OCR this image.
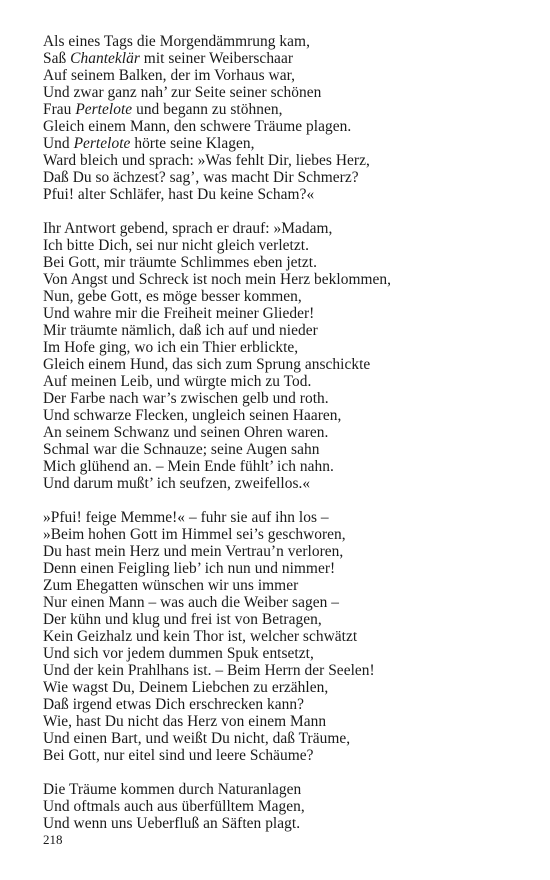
Als eines Tags die Morgendämmrung kam,
Saß Chanteklär mit seiner Weiberschaar
Auf seinem Balken, der im Vorhaus war,
Und zwar ganz nah’ zur Seite seiner schönen
Frau Pertelote und begann zu stöhnen,
Gleich einem Mann, den schwere Träume plagen.
Und Pertelote hörte seine Klagen,
Ward bleich und sprach: »Was fehlt Dir, liebes Herz,
Daß Du so ächzest? sag’, was macht Dir Schmerz?
Pfui! alter Schläfer, hast Du keine Scham?«
Ihr Antwort gebend, sprach er drauf: »Madam,
Ich bitte Dich, sei nur nicht gleich verletzt.
Bei Gott, mir träumte Schlimmes eben jetzt.
Von Angst und Schreck ist noch mein Herz beklommen,
Nun, gebe Gott, es möge besser kommen,
Und wahre mir die Freiheit meiner Glieder!
Mir träumte nämlich, daß ich auf und nieder
Im Hofe ging, wo ich ein Thier erblickte,
Gleich einem Hund, das sich zum Sprung anschickte
Auf meinen Leib, und würgte mich zu Tod.
Der Farbe nach war’s zwischen gelb und roth.
Und schwarze Flecken, ungleich seinen Haaren,
An seinem Schwanz und seinen Ohren waren.
Schmal war die Schnauze; seine Augen sahn
Mich glühend an. – Mein Ende fühlt’ ich nahn.
Und darum mußt’ ich seufzen, zweifellos.«
»Pfui! feige Memme!« – fuhr sie auf ihn los –
»Beim hohen Gott im Himmel sei’s geschworen,
Du hast mein Herz und mein Vertrau’n verloren,
Denn einen Feigling lieb’ ich nun und nimmer!
Zum Ehegatten wünschen wir uns immer
Nur einen Mann – was auch die Weiber sagen –
Der kühn und klug und frei ist von Betragen,
Kein Geizhalz und kein Thor ist, welcher schwätzt
Und sich vor jedem dummen Spuk entsetzt,
Und der kein Prahlhans ist. – Beim Herrn der Seelen!
Wie wagst Du, Deinem Liebchen zu erzählen,
Daß irgend etwas Dich erschrecken kann?
Wie, hast Du nicht das Herz von einem Mann
Und einen Bart, und weißt Du nicht, daß Träume,
Bei Gott, nur eitel sind und leere Schäume?
Die Träume kommen durch Naturanlagen
Und oftmals auch aus überfülltem Magen,
Und wenn uns Ueberfluß an Säften plagt.
218
